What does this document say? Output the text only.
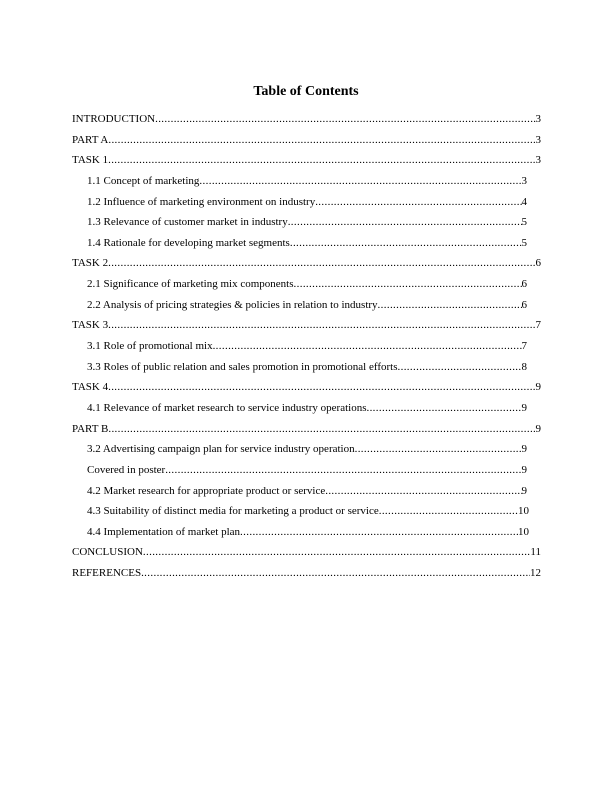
Table of Contents
INTRODUCTION .....	3
PART A .....	3
TASK 1 .....	3
1.1 Concept of marketing .....	3
1.2 Influence of marketing environment on industry .....	4
1.3 Relevance of customer market in industry .....	5
1.4 Rationale for developing market segments .....	5
TASK 2 .....	6
2.1 Significance of marketing mix components .....	6
2.2 Analysis of pricing strategies & policies in relation to industry .....	6
TASK 3 .....	7
3.1 Role of promotional mix .....	7
3.3 Roles of public relation and sales promotion in promotional efforts .....	8
TASK 4 .....	9
4.1 Relevance of market research to service industry operations .....	9
PART B .....	9
3.2 Advertising campaign plan for service industry operation .....	9
Covered in poster .....	9
4.2 Market research for appropriate product or service .....	9
4.3 Suitability of distinct media for marketing a product or service .....	10
4.4 Implementation of market plan .....	10
CONCLUSION .....	11
REFERENCES .....	12
